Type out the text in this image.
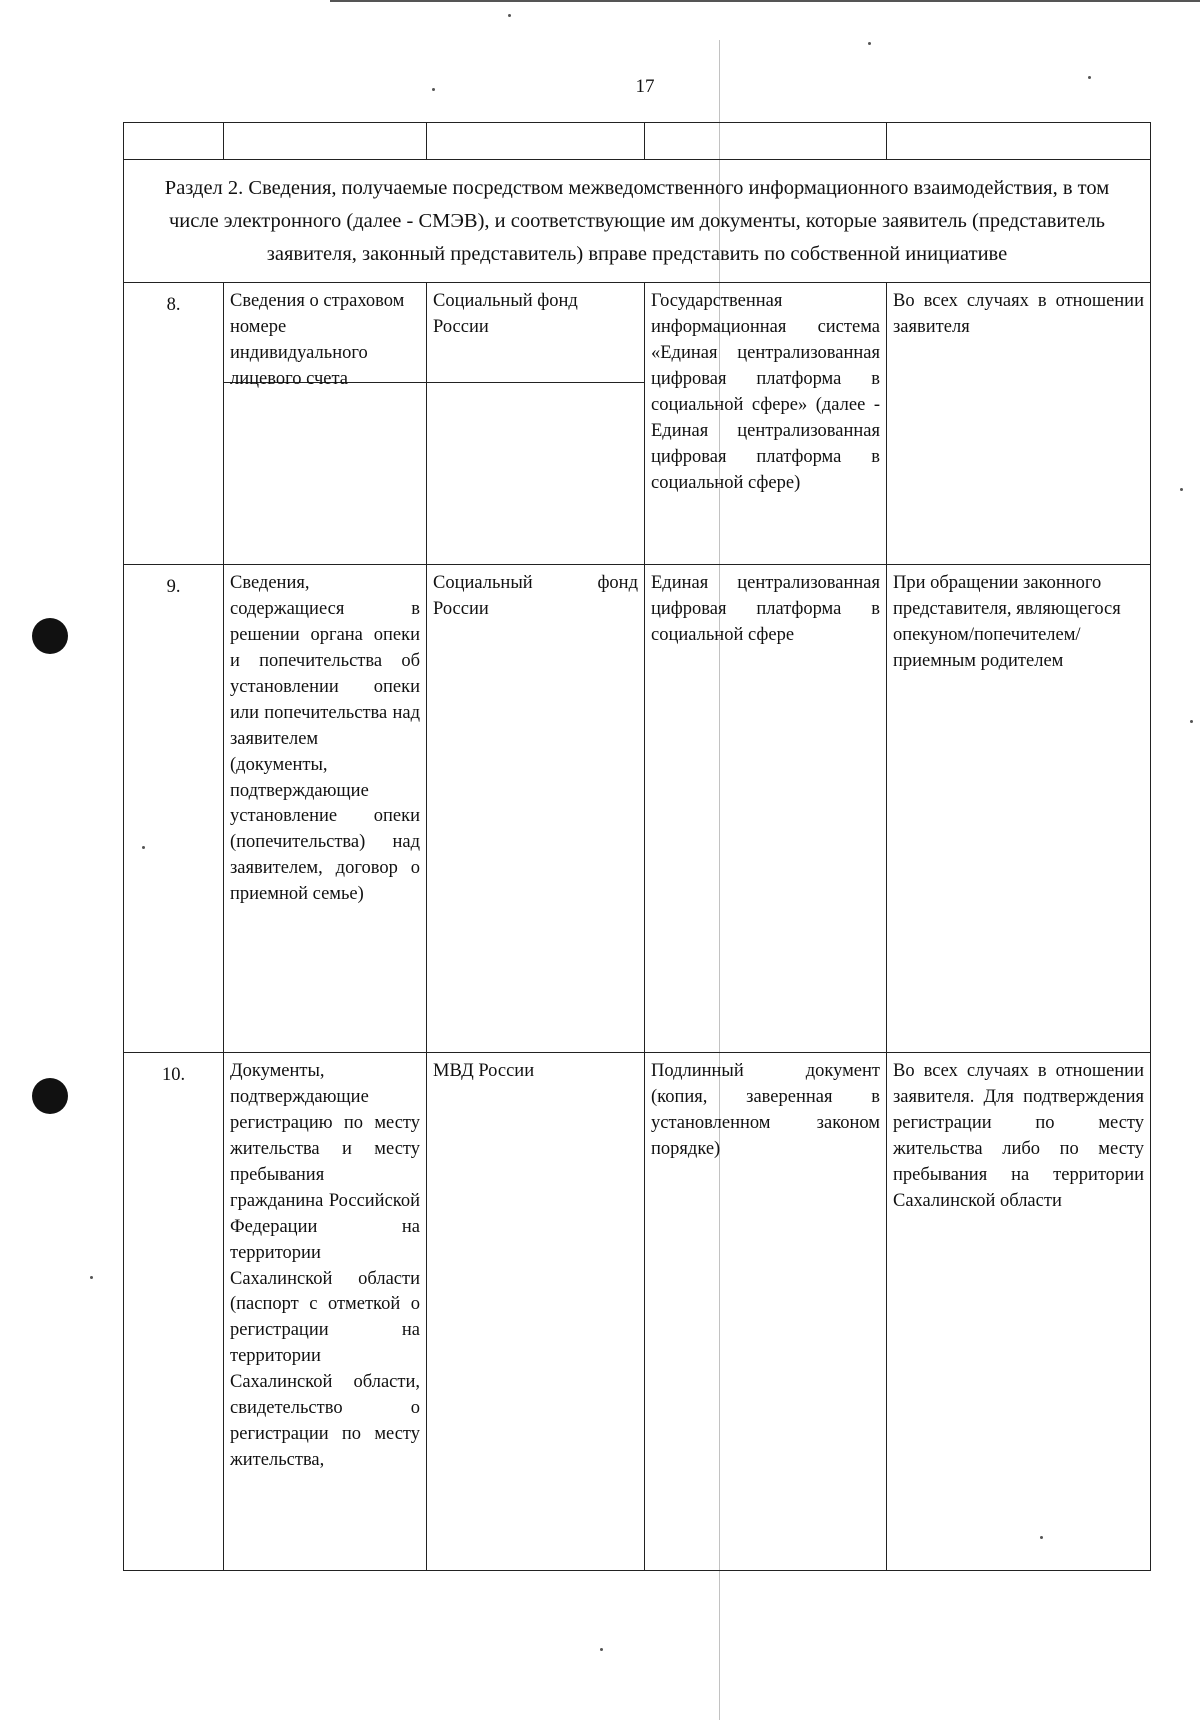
17

Раздел 2. Сведения, получаемые посредством межведомственного информационного взаимодействия, в том числе электронного (далее - СМЭВ), и соответствующие им документы, которые заявитель (представитель заявителя, законный представитель) вправе представить по собственной инициативе				
8.	Сведения о страховом номере индивидуального лицевого счета	Социальный фонд России	Государственная информационная система «Единая централизованная цифровая платформа в социальной сфере» (далее - Единая централизованная цифровая платформа в социальной сфере)	Во всех случаях в отношении заявителя
9.	Сведения, содержащиеся в решении органа опеки и попечительства об установлении опеки или попечительства над заявителем (документы, подтверждающие установление опеки (попечительства) над заявителем, договор о приемной семье)	Социальный фонд России	Единая централизованная цифровая платформа в социальной сфере	При обращении законного представителя, являющегося опекуном/попечителем/приемным родителем
10.	Документы, подтверждающие регистрацию по месту жительства и месту пребывания гражданина Российской Федерации на территории Сахалинской области (паспорт с отметкой о регистрации на территории Сахалинской области, свидетельство о регистрации по месту жительства,	МВД России	Подлинный документ (копия, заверенная в установленном законом порядке)	Во всех случаях в отношении заявителя. Для подтверждения регистрации по месту жительства либо по месту пребывания на территории Сахалинской области
